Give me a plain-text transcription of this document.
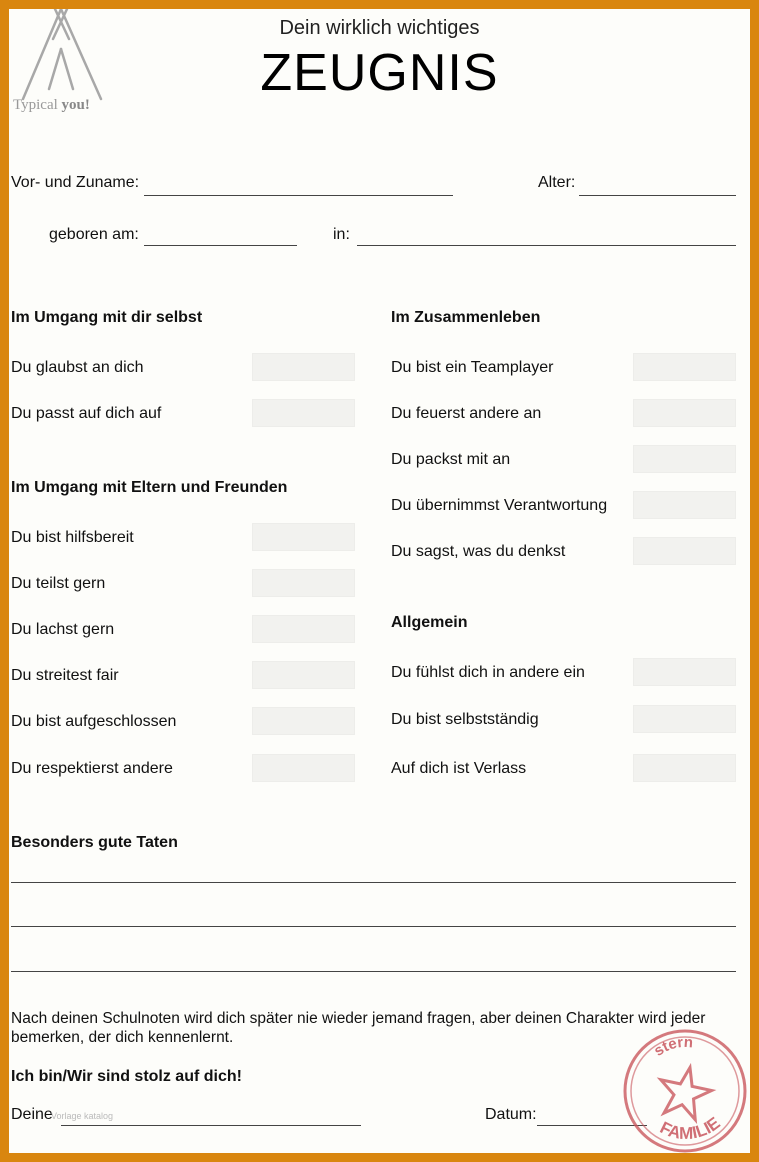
Typical you!
Dein wirklich wichtiges
ZEUGNIS
Vor- und Zuname:	Alter:
geboren am:	in:
Im Umgang mit dir selbst
Du glaubst an dich
Du passt auf dich auf
Im Umgang mit Eltern und Freunden
Du bist hilfsbereit
Du teilst gern
Du lachst gern
Du streitest fair
Du bist aufgeschlossen
Du respektierst andere
Im Zusammenleben
Du bist ein Teamplayer
Du feuerst andere an
Du packst mit an
Du übernimmst Verantwortung
Du sagst, was du denkst
Allgemein
Du fühlst dich in andere ein
Du bist selbstständig
Auf dich ist Verlass
Besonders gute Taten
Nach deinen Schulnoten wird dich später nie wieder jemand fragen, aber deinen Charakter wird jeder bemerken, der dich kennenlernt.
Ich bin/Wir sind stolz auf dich!
Deine
Vorlage katalog	Datum:
stern
FAMILIE
